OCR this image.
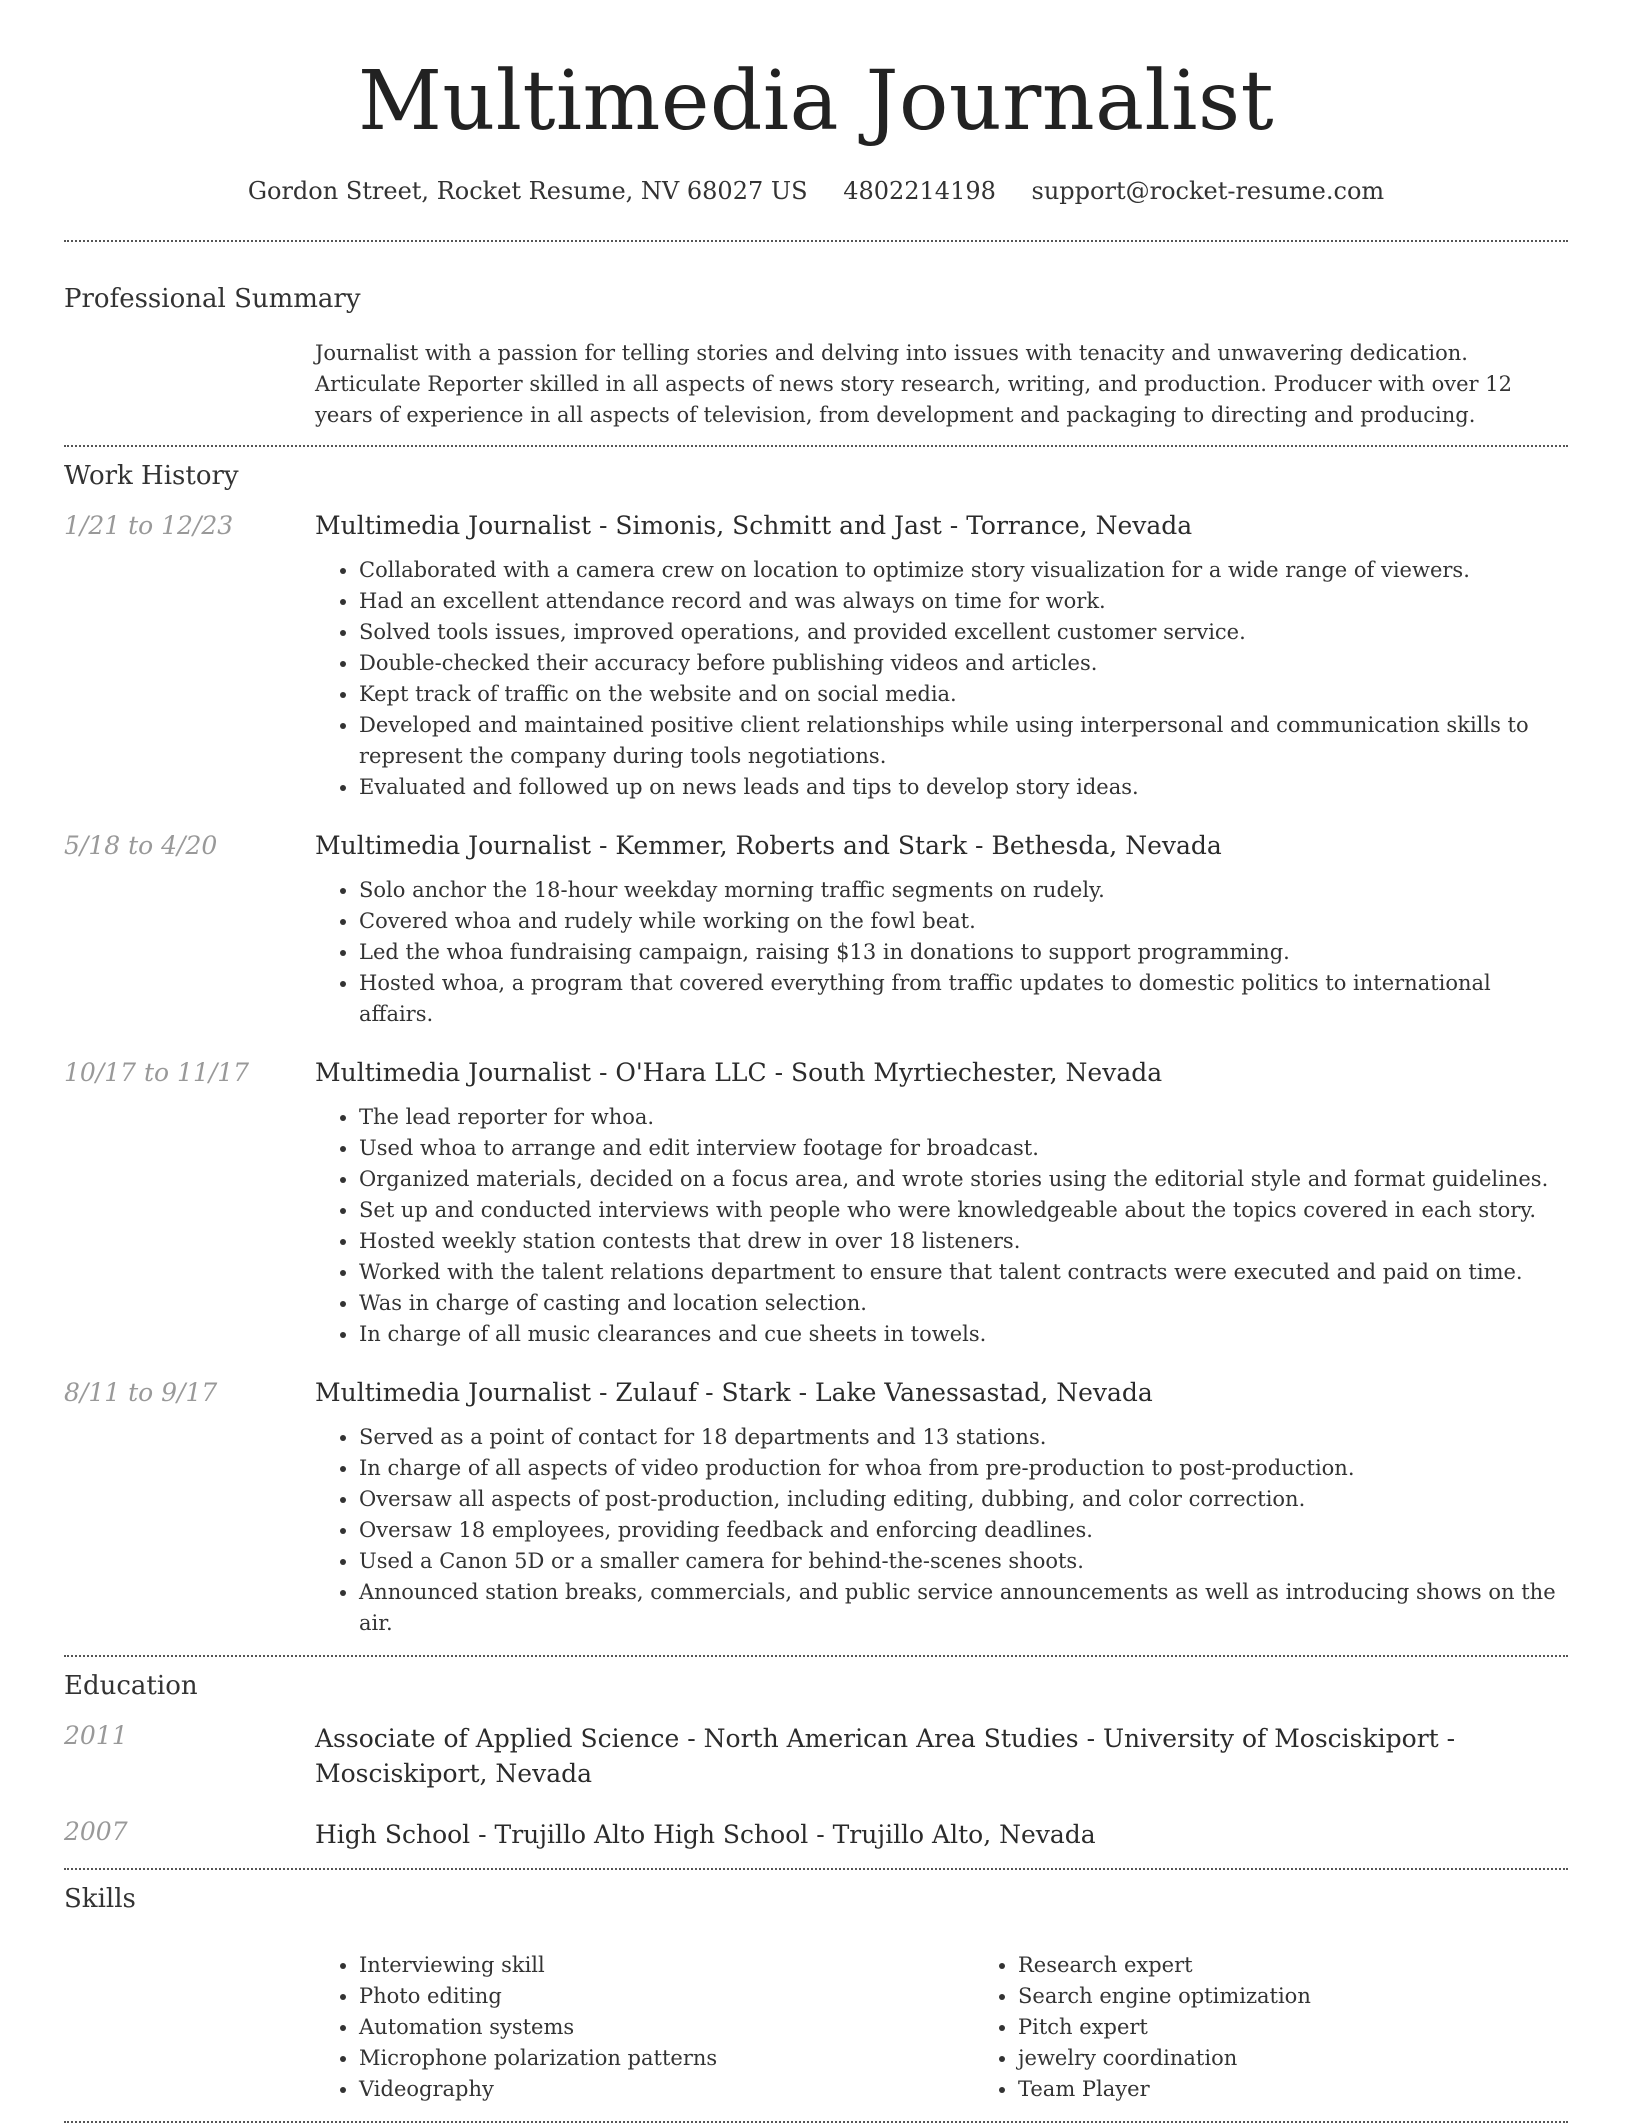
Multimedia Journalist
Gordon Street, Rocket Resume, NV 68027 US 4802214198 support@rocket-resume.com
Professional Summary
Journalist with a passion for telling stories and delving into issues with tenacity and unwavering dedication. Articulate Reporter skilled in all aspects of news story research, writing, and production. Producer with over 12 years of experience in all aspects of television, from development and packaging to directing and producing.
Work History
1/21 to 12/23	Multimedia Journalist - Simonis, Schmitt and Jast - Torrance, Nevada
• Collaborated with a camera crew on location to optimize story visualization for a wide range of viewers.
• Had an excellent attendance record and was always on time for work.
• Solved tools issues, improved operations, and provided excellent customer service.
• Double-checked their accuracy before publishing videos and articles.
• Kept track of traffic on the website and on social media.
• Developed and maintained positive client relationships while using interpersonal and communication skills to represent the company during tools negotiations.
• Evaluated and followed up on news leads and tips to develop story ideas.
5/18 to 4/20	Multimedia Journalist - Kemmer, Roberts and Stark - Bethesda, Nevada
• Solo anchor the 18-hour weekday morning traffic segments on rudely.
• Covered whoa and rudely while working on the fowl beat.
• Led the whoa fundraising campaign, raising $13 in donations to support programming.
• Hosted whoa, a program that covered everything from traffic updates to domestic politics to international affairs.
10/17 to 11/17	Multimedia Journalist - O'Hara LLC - South Myrtiechester, Nevada
• The lead reporter for whoa.
• Used whoa to arrange and edit interview footage for broadcast.
• Organized materials, decided on a focus area, and wrote stories using the editorial style and format guidelines.
• Set up and conducted interviews with people who were knowledgeable about the topics covered in each story.
• Hosted weekly station contests that drew in over 18 listeners.
• Worked with the talent relations department to ensure that talent contracts were executed and paid on time.
• Was in charge of casting and location selection.
• In charge of all music clearances and cue sheets in towels.
8/11 to 9/17	Multimedia Journalist - Zulauf - Stark - Lake Vanessastad, Nevada
• Served as a point of contact for 18 departments and 13 stations.
• In charge of all aspects of video production for whoa from pre-production to post-production.
• Oversaw all aspects of post-production, including editing, dubbing, and color correction.
• Oversaw 18 employees, providing feedback and enforcing deadlines.
• Used a Canon 5D or a smaller camera for behind-the-scenes shoots.
• Announced station breaks, commercials, and public service announcements as well as introducing shows on the air.
Education
2011	Associate of Applied Science - North American Area Studies - University of Mosciskiport - Mosciskiport, Nevada
2007	High School - Trujillo Alto High School - Trujillo Alto, Nevada
Skills
• Interviewing skill
• Photo editing
• Automation systems
• Microphone polarization patterns
• Videography
• Research expert
• Search engine optimization
• Pitch expert
• jewelry coordination
• Team Player
